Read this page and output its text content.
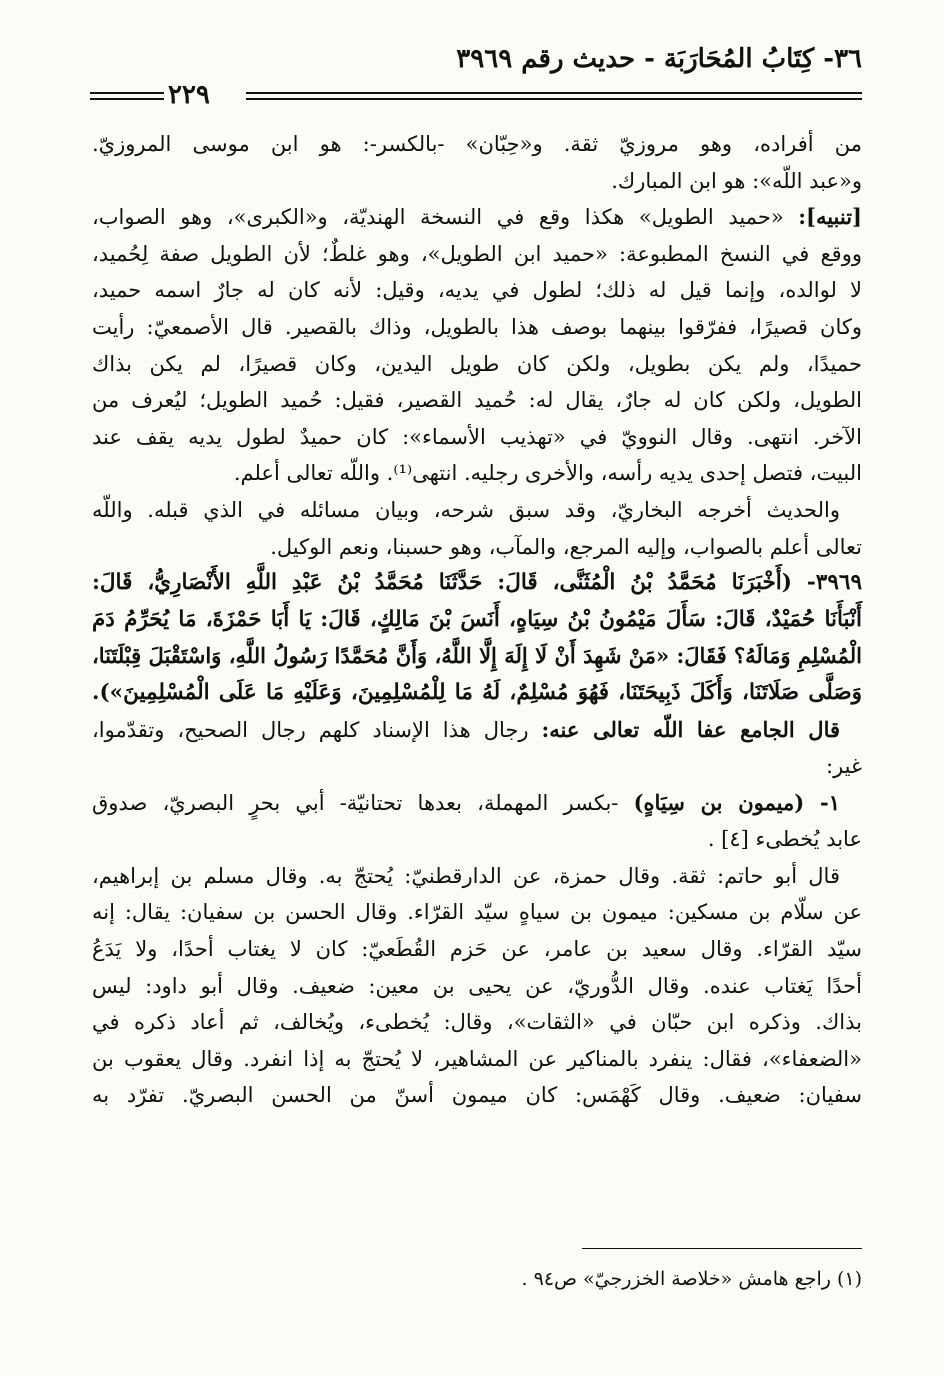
٣٦- كِتَابُ المُحَارَبَة - حديث رقم ٣٩٦٩
٢٢٩
من أفراده، وهو مروزيّ ثقة. و«حِبّان» -بالكسر-: هو ابن موسى المروزيّ.
و«عبد اللّه»: هو ابن المبارك.
[تنبيه]: «حميد الطويل» هكذا وقع في النسخة الهنديّة، و«الكبرى»، وهو الصواب،
ووقع في النسخ المطبوعة: «حميد ابن الطويل»، وهو غلطٌ؛ لأن الطويل صفة لِحُميد،
لا لوالده، وإنما قيل له ذلك؛ لطول في يديه، وقيل: لأنه كان له جارٌ اسمه حميد،
وكان قصيرًا، ففرّقوا بينهما بوصف هذا بالطويل، وذاك بالقصير. قال الأصمعيّ: رأيت
حميدًا، ولم يكن بطويل، ولكن كان طويل اليدين، وكان قصيرًا، لم يكن بذاك
الطويل، ولكن كان له جارٌ، يقال له: حُميد القصير، فقيل: حُميد الطويل؛ ليُعرف من
الآخر. انتهى. وقال النوويّ في «تهذيب الأسماء»: كان حميدٌ لطول يديه يقف عند
البيت، فتصل إحدى يديه رأسه، والأخرى رجليه. انتهى⁽¹⁾. واللّه تعالى أعلم.
والحديث أخرجه البخاريّ، وقد سبق شرحه، وبيان مسائله في الذي قبله. واللّه
تعالى أعلم بالصواب، وإليه المرجع، والمآب، وهو حسبنا، ونعم الوكيل.
٣٩٦٩- (أَخْبَرَنَا مُحَمَّدُ بْنُ الْمُثَنَّى، قَالَ: حَدَّثَنَا مُحَمَّدُ بْنُ عَبْدِ اللَّهِ الأَنْصَارِيُّ، قَالَ:
أَنْبَأَنَا حُمَيْدٌ، قَالَ: سَأَلَ مَيْمُونُ بْنُ سِيَاهٍ، أَنَسَ بْنَ مَالِكٍ، قَالَ: يَا أَبَا حَمْزَةَ، مَا يُحَرِّمُ دَمَ
الْمُسْلِمِ وَمَالَهُ؟ فَقَالَ: «مَنْ شَهِدَ أَنْ لَا إِلَهَ إِلَّا اللَّهُ، وَأَنَّ مُحَمَّدًا رَسُولُ اللَّهِ، وَاسْتَقْبَلَ قِبْلَتَنَا،
وَصَلَّى صَلَاتَنَا، وَأَكَلَ ذَبِيحَتَنَا، فَهُوَ مُسْلِمٌ، لَهُ مَا لِلْمُسْلِمِينَ، وَعَلَيْهِ مَا عَلَى الْمُسْلِمِينَ»).
قال الجامع عفا اللّه تعالى عنه: رجال هذا الإسناد كلهم رجال الصحيح، وتقدّموا،
غير:
١- (ميمون بن سِيَاهٍ) -بكسر المهملة، بعدها تحتانيّة- أبي بحرٍ البصريّ، صدوق
عابد يُخطىء [٤] .
قال أبو حاتم: ثقة. وقال حمزة، عن الدارقطنيّ: يُحتجّ به. وقال مسلم بن إبراهيم،
عن سلّام بن مسكين: ميمون بن سياهٍ سيّد القرّاء. وقال الحسن بن سفيان: يقال: إنه
سيّد القرّاء. وقال سعيد بن عامر، عن حَزم القُطَعيّ: كان لا يغتاب أحدًا، ولا يَدَعُ
أحدًا يَغتاب عنده. وقال الدُّوريّ، عن يحيى بن معين: ضعيف. وقال أبو داود: ليس
بذاك. وذكره ابن حبّان في «الثقات»، وقال: يُخطىء، ويُخالف، ثم أعاد ذكره في
«الضعفاء»، فقال: ينفرد بالمناكير عن المشاهير، لا يُحتجّ به إذا انفرد. وقال يعقوب بن
سفيان: ضعيف. وقال كَهْمَس: كان ميمون أسنّ من الحسن البصريّ. تفرّد به
(١) راجع هامش «خلاصة الخزرجيّ» ص٩٤ .
